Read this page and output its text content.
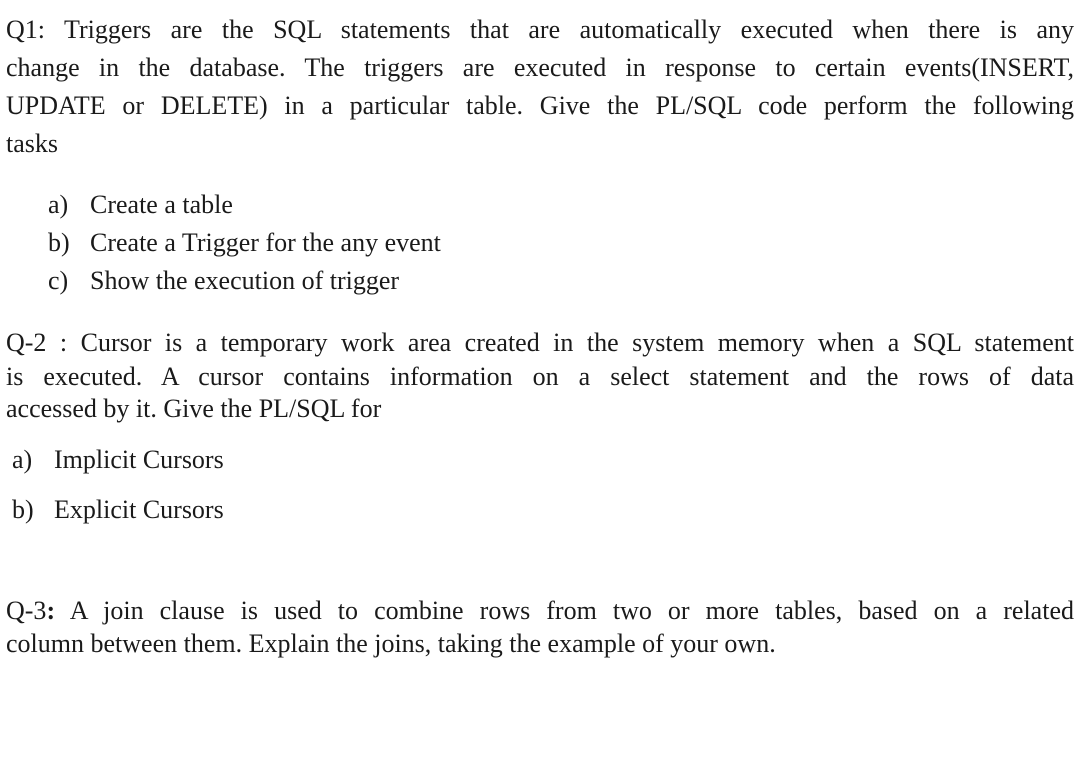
Q1: Triggers are the SQL statements that are automatically executed when there is any
change in the database. The triggers are executed in response to certain events(INSERT,
UPDATE or DELETE) in a particular table. Give the PL/SQL code perform the following
tasks
a) Create a table
b) Create a Trigger for the any event
c) Show the execution of trigger
Q-2 : Cursor is a temporary work area created in the system memory when a SQL statement
is executed. A cursor contains information on a select statement and the rows of data
accessed by it. Give the PL/SQL for
a) Implicit Cursors
b) Explicit Cursors
Q-3: A join clause is used to combine rows from two or more tables, based on a related
column between them. Explain the joins, taking the example of your own.
